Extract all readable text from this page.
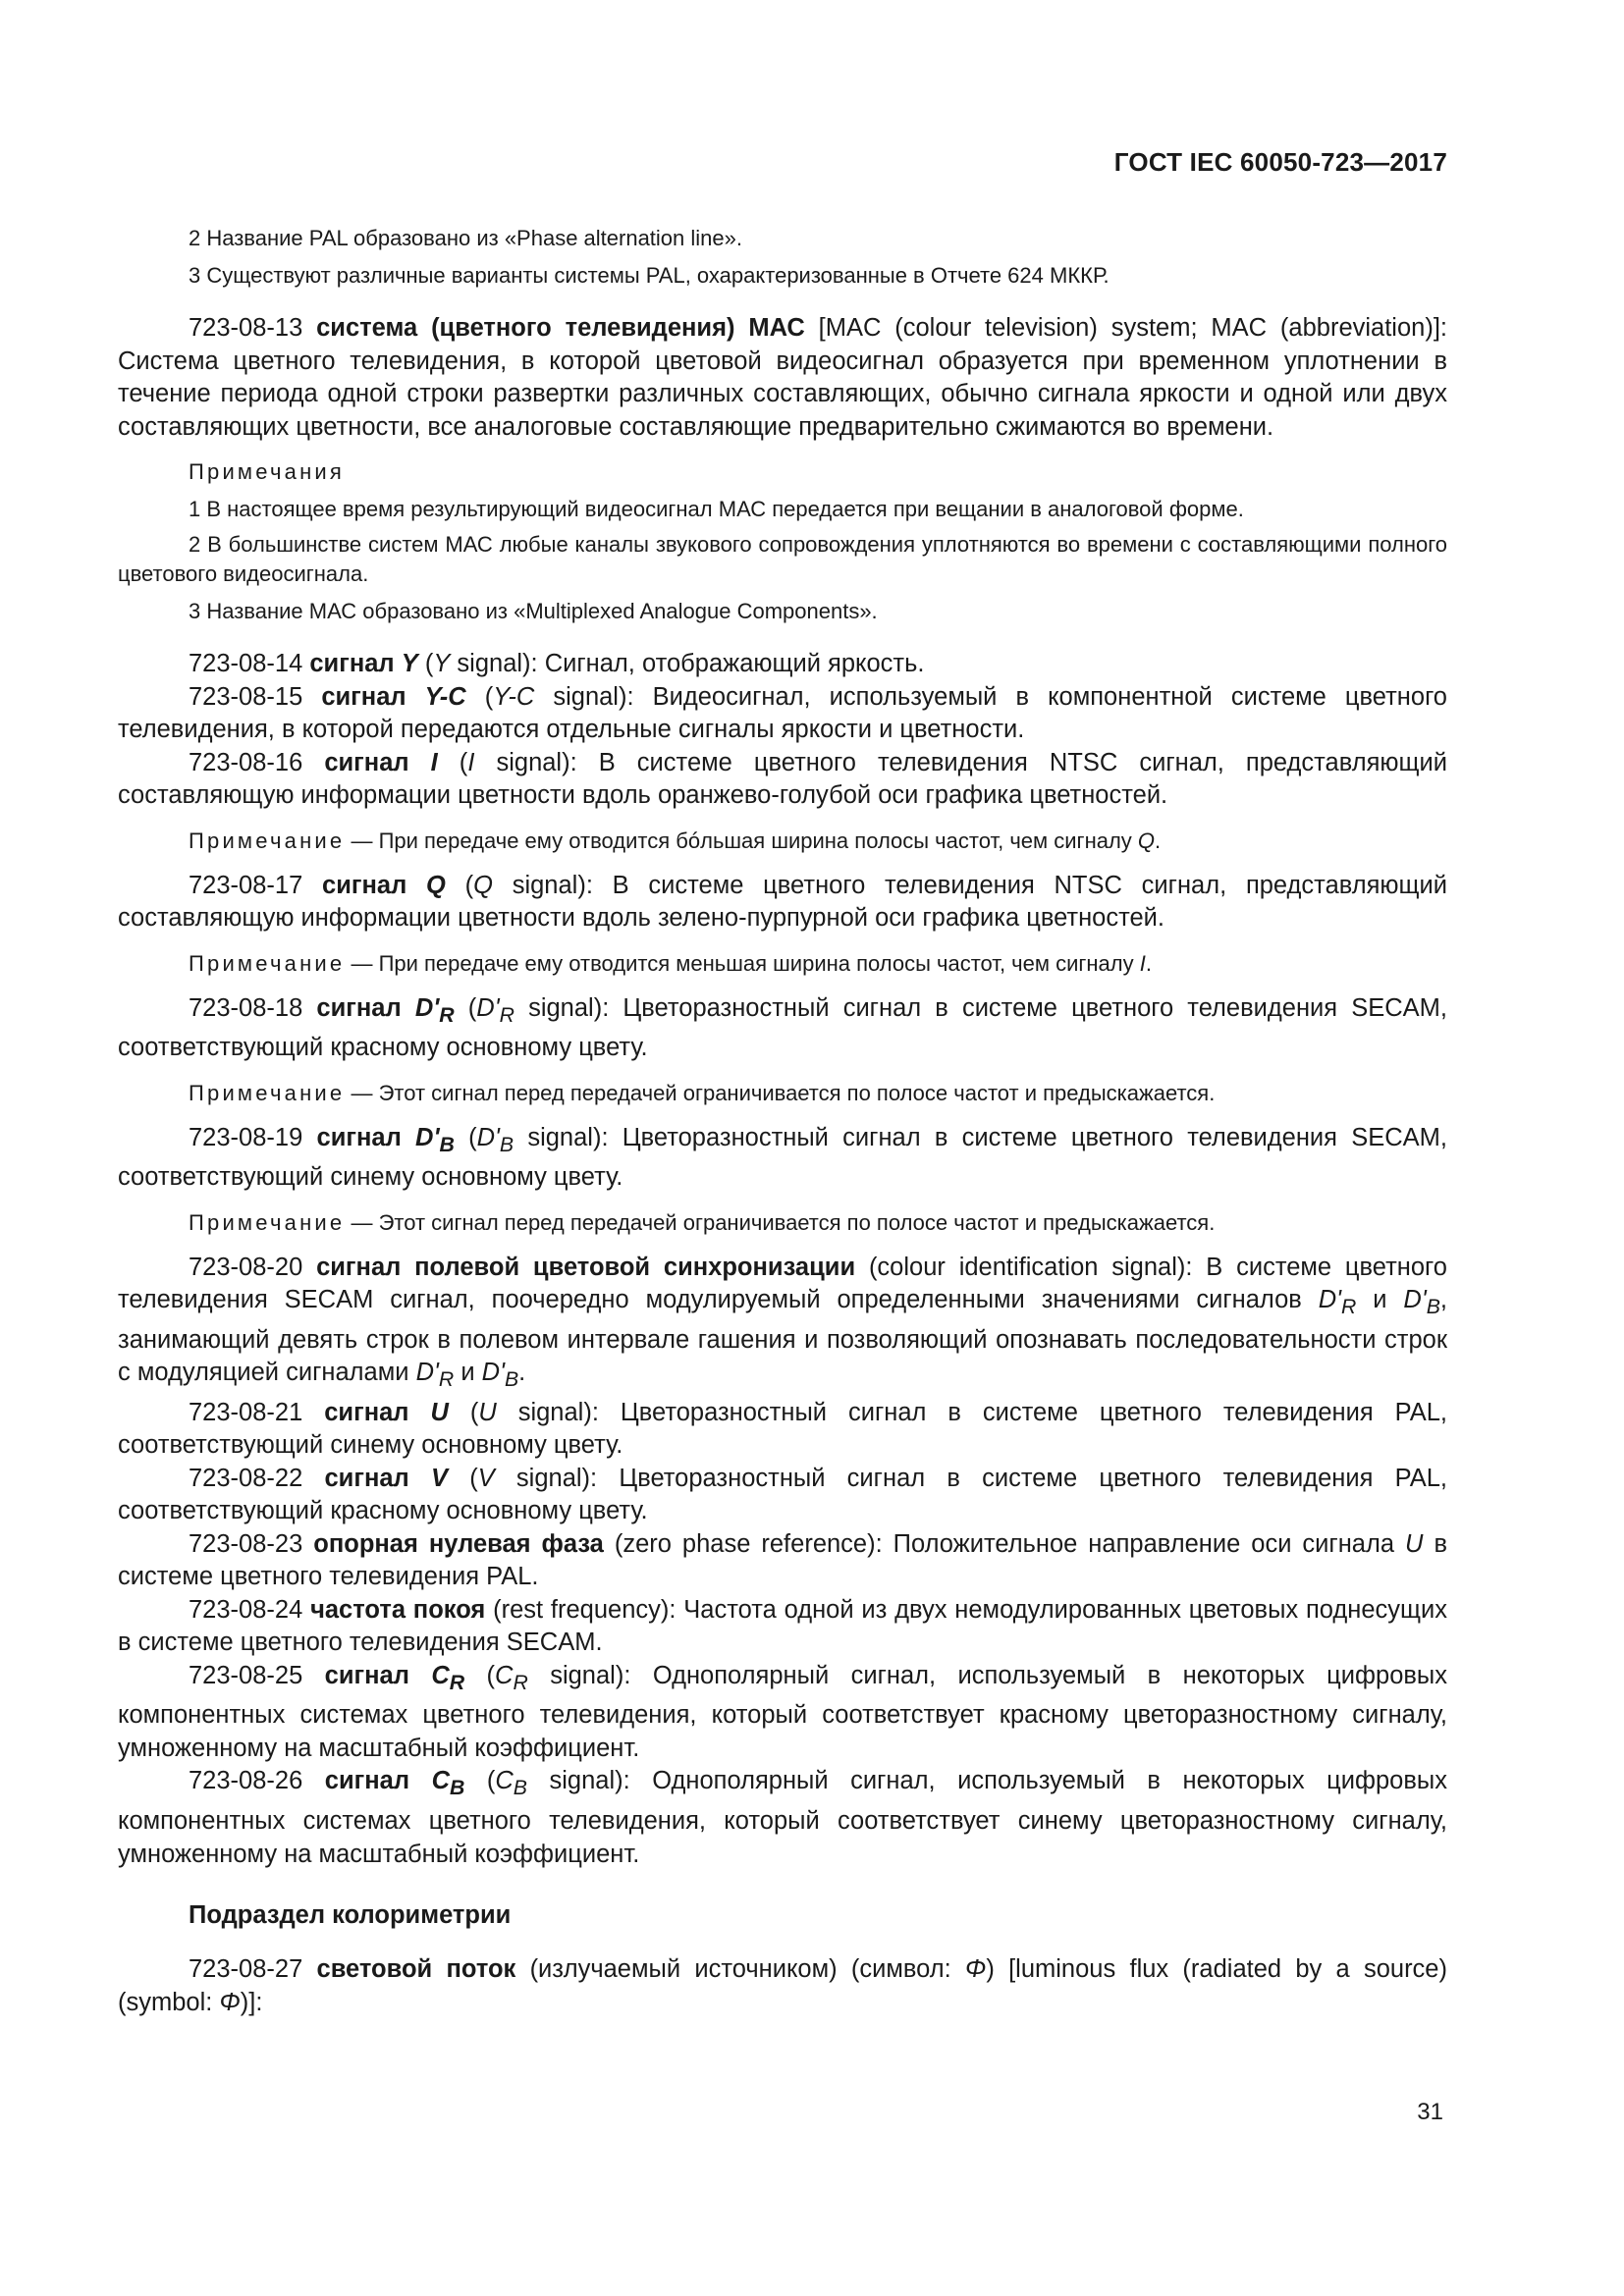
ГОСТ IEC 60050-723—2017

2 Название PAL образовано из «Phase alternation line».

3 Существуют различные варианты системы PAL, охарактеризованные в Отчете 624 МККР.

723-08-13 система (цветного телевидения) МАС [MAC (colour television) system; MAC (abbreviation)]: Система цветного телевидения, в которой цветовой видеосигнал образуется при временном уплотнении в течение периода одной строки развертки различных составляющих, обычно сигнала яркости и одной или двух составляющих цветности, все аналоговые составляющие предварительно сжимаются во времени.

Примечания

1 В настоящее время результирующий видеосигнал МАС передается при вещании в аналоговой форме.

2 В большинстве систем МАС любые каналы звукового сопровождения уплотняются во времени с составляющими полного цветового видеосигнала.

3 Название МАС образовано из «Multiplexed Analogue Components».

723-08-14 сигнал Y (Y signal): Сигнал, отображающий яркость.

723-08-15 сигнал Y-C (Y-C signal): Видеосигнал, используемый в компонентной системе цветного телевидения, в которой передаются отдельные сигналы яркости и цветности.

723-08-16 сигнал I (I signal): В системе цветного телевидения NTSC сигнал, представляющий составляющую информации цветности вдоль оранжево-голубой оси графика цветностей.

Примечание — При передаче ему отводится бóльшая ширина полосы частот, чем сигналу Q.

723-08-17 сигнал Q (Q signal): В системе цветного телевидения NTSC сигнал, представляющий составляющую информации цветности вдоль зелено-пурпурной оси графика цветностей.

Примечание — При передаче ему отводится меньшая ширина полосы частот, чем сигналу I.

723-08-18 сигнал $D'_R$ ($D'_R$ signal): Цветоразностный сигнал в системе цветного телевидения SECAM, соответствующий красному основному цвету.

Примечание — Этот сигнал перед передачей ограничивается по полосе частот и предыскажается.

723-08-19 сигнал $D'_B$ ($D'_B$ signal): Цветоразностный сигнал в системе цветного телевидения SECAM, соответствующий синему основному цвету.

Примечание — Этот сигнал перед передачей ограничивается по полосе частот и предыскажается.

723-08-20 сигнал полевой цветовой синхронизации (colour identification signal): В системе цветного телевидения SECAM сигнал, поочередно модулируемый определенными значениями сигналов $D'_R$ и $D'_B$, занимающий девять строк в полевом интервале гашения и позволяющий опознавать последовательности строк с модуляцией сигналами $D'_R$ и $D'_B$.

723-08-21 сигнал U (U signal): Цветоразностный сигнал в системе цветного телевидения PAL, соответствующий синему основному цвету.

723-08-22 сигнал V (V signal): Цветоразностный сигнал в системе цветного телевидения PAL, соответствующий красному основному цвету.

723-08-23 опорная нулевая фаза (zero phase reference): Положительное направление оси сигнала U в системе цветного телевидения PAL.

723-08-24 частота покоя (rest frequency): Частота одной из двух немодулированных цветовых поднесущих в системе цветного телевидения SECAM.

723-08-25 сигнал $C_R$ ($C_R$ signal): Однополярный сигнал, используемый в некоторых цифровых компонентных системах цветного телевидения, который соответствует красному цветоразностному сигналу, умноженному на масштабный коэффициент.

723-08-26 сигнал $C_B$ ($C_B$ signal): Однополярный сигнал, используемый в некоторых цифровых компонентных системах цветного телевидения, который соответствует синему цветоразностному сигналу, умноженному на масштабный коэффициент.

Подраздел колориметрии

723-08-27 световой поток (излучаемый источником) (символ: Φ) [luminous flux (radiated by a source) (symbol: Φ)]:

31
